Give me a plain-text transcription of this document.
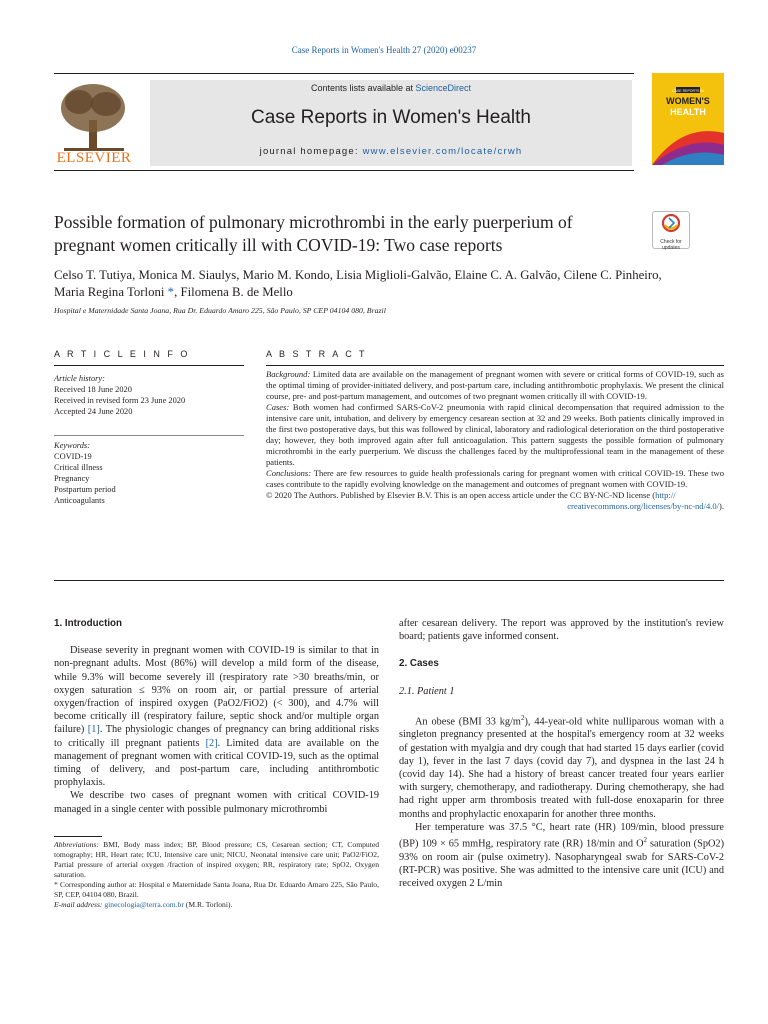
Case Reports in Women's Health 27 (2020) e00237
ELSEVIER
Contents lists available at ScienceDirect
Case Reports in Women's Health
journal homepage: www.elsevier.com/locate/crwh
CASE REPORTS IN
WOMEN'S
HEALTH
Possible formation of pulmonary microthrombi in the early puerperium of pregnant women critically ill with COVID-19: Two case reports	Check for updates
Celso T. Tutiya, Monica M. Siaulys, Mario M. Kondo, Lisia Miglioli-Galvão, Elaine C. A. Galvão, Cilene C. Pinheiro,
Maria Regina Torloni *, Filomena B. de Mello
Hospital e Maternidade Santa Joana, Rua Dr. Eduardo Amaro 225, São Paulo, SP CEP 04104 080, Brazil
A R T I C L E I N F O	A B S T R A C T
Article history:
Received 18 June 2020
Received in revised form 23 June 2020
Accepted 24 June 2020
Keywords:
COVID-19
Critical illness
Pregnancy
Postpartum period
Anticoagulants

Background: Limited data are available on the management of pregnant women with severe or critical forms of COVID-19, such as the optimal timing of provider-initiated delivery, and post-partum care, including antithrombotic prophylaxis. We present the clinical course, pre- and post-partum management, and outcomes of two pregnant women critically ill with COVID-19.

Cases: Both women had confirmed SARS-CoV-2 pneumonia with rapid clinical decompensation that required admission to the intensive care unit, intubation, and delivery by emergency cesarean section at 32 and 29 weeks. Both patients clinically improved in the first two postoperative days, but this was followed by clinical, laboratory and radiological deterioration on the third postoperative day; however, they both improved again after full anticoagulation. This pattern suggests the possible formation of pulmonary microthrombi in the early puerperium. We discuss the challenges faced by the multiprofessional team in the management of these patients.

Conclusions: There are few resources to guide health professionals caring for pregnant women with critical COVID-19. These two cases contribute to the rapidly evolving knowledge on the management and outcomes of pregnant women with COVID-19.

© 2020 The Authors. Published by Elsevier B.V. This is an open access article under the CC BY-NC-ND license (http://

creativecommons.org/licenses/by-nc-nd/4.0/).

1. Introduction

Disease severity in pregnant women with COVID-19 is similar to that in non-pregnant adults. Most (86%) will develop a mild form of the disease, while 9.3% will become severely ill (respiratory rate >30 breaths/min, or oxygen saturation ≤ 93% on room air, or partial pressure of arterial oxygen/fraction of inspired oxygen (PaO2/FiO2) (< 300), and 4.7% will become critically ill (respiratory failure, septic shock and/or multiple organ failure) [1]. The physiologic changes of pregnancy can bring additional risks to critically ill pregnant patients [2]. Limited data are available on the management of pregnant women with critical COVID-19, such as the optimal timing of delivery, and post-partum care, including antithrombotic prophylaxis.

We describe two cases of pregnant women with critical COVID-19 managed in a single center with possible pulmonary microthrombi

after cesarean delivery. The report was approved by the institution's review board; patients gave informed consent.

2. Cases
2.1. Patient 1

An obese (BMI 33 $kg/m^2$), 44-year-old white nulliparous woman with a singleton pregnancy presented at the hospital's emergency room at 32 weeks of gestation with myalgia and dry cough that had started 15 days earlier (covid day 1), fever in the last 7 days (covid day 7), and dyspnea in the last 24 h (covid day 14). She had a history of breast cancer treated four years earlier with surgery, chemotherapy, and radiotherapy. During chemotherapy, she had had right upper arm thrombosis treated with full-dose enoxaparin for three months and prophylactic enoxaparin for another three months.

Her temperature was 37.5 °C, heart rate (HR) 109/min, blood pressure (BP) 109 × 65 mmHg, respiratory rate (RR) 18/min and $O^2$ saturation (SpO2) 93% on room air (pulse oximetry). Nasopharyngeal swab for SARS-CoV-2 (RT-PCR) was positive. She was admitted to the intensive care unit (ICU) and received oxygen 2 L/min

Abbreviations: BMI, Body mass index; BP, Blood pressure; CS, Cesarean section; CT, Computed tomography; HR, Heart rate; ICU, Intensive care unit; NICU, Neonatal intensive care unit; PaO2/FiO2, Partial pressure of arterial oxygen /fraction of inspired oxygen; RR, respiratory rate; SpO2, Oxygen saturation.

* Corresponding author at: Hospital e Maternidade Santa Joana, Rua Dr. Eduardo Amaro 225, São Paulo, SP, CEP, 04104 080, Brazil.

E-mail address: ginecologia@terra.com.br (M.R. Torloni).
